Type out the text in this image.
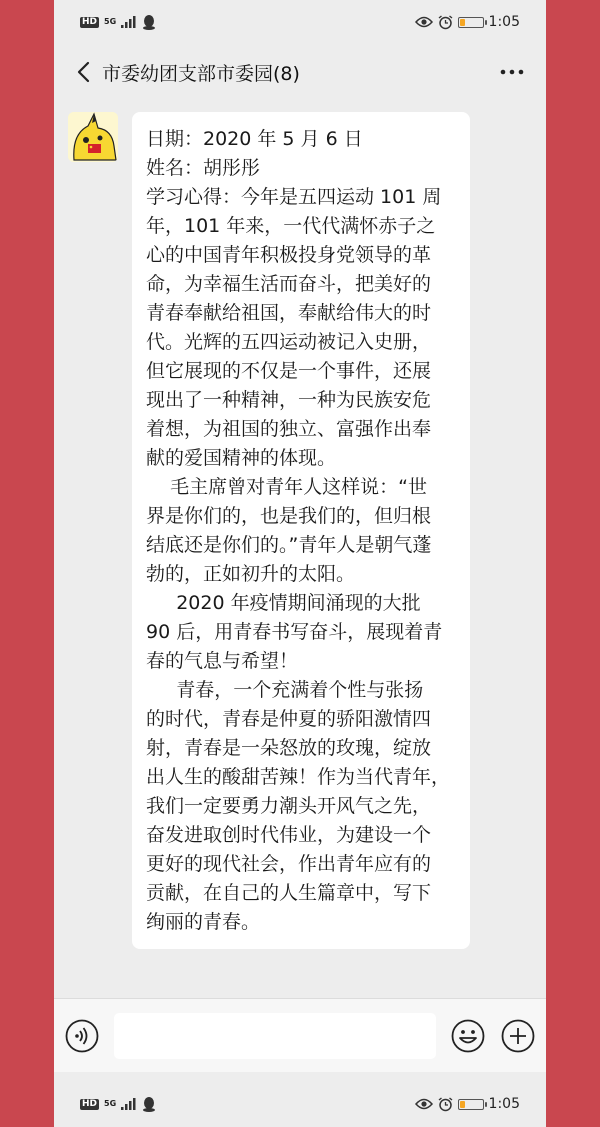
HD 5G	1:05
市委幼团支部市委园(8)
日期：2020 年 5 月 6 日
姓名：胡彤彤
学习心得：今年是五四运动 101 周
年，101 年来，一代代满怀赤子之
心的中国青年积极投身党领导的革
命，为幸福生活而奋斗，把美好的
青春奉献给祖国，奉献给伟大的时
代。光辉的五四运动被记入史册，
但它展现的不仅是一个事件，还展
现出了一种精神，一种为民族安危
着想，为祖国的独立、富强作出奉
献的爱国精神的体现。
毛主席曾对青年人这样说：“世
界是你们的，也是我们的，但归根
结底还是你们的。”青年人是朝气蓬
勃的，正如初升的太阳。
2020 年疫情期间涌现的大批
90 后，用青春书写奋斗，展现着青
春的气息与希望！
青春，一个充满着个性与张扬
的时代，青春是仲夏的骄阳激情四
射，青春是一朵怒放的玫瑰，绽放
出人生的酸甜苦辣！作为当代青年，
我们一定要勇力潮头开风气之先，
奋发进取创时代伟业，为建设一个
更好的现代社会，作出青年应有的
贡献，在自己的人生篇章中，写下
绚丽的青春。
HD 5G	1:05
